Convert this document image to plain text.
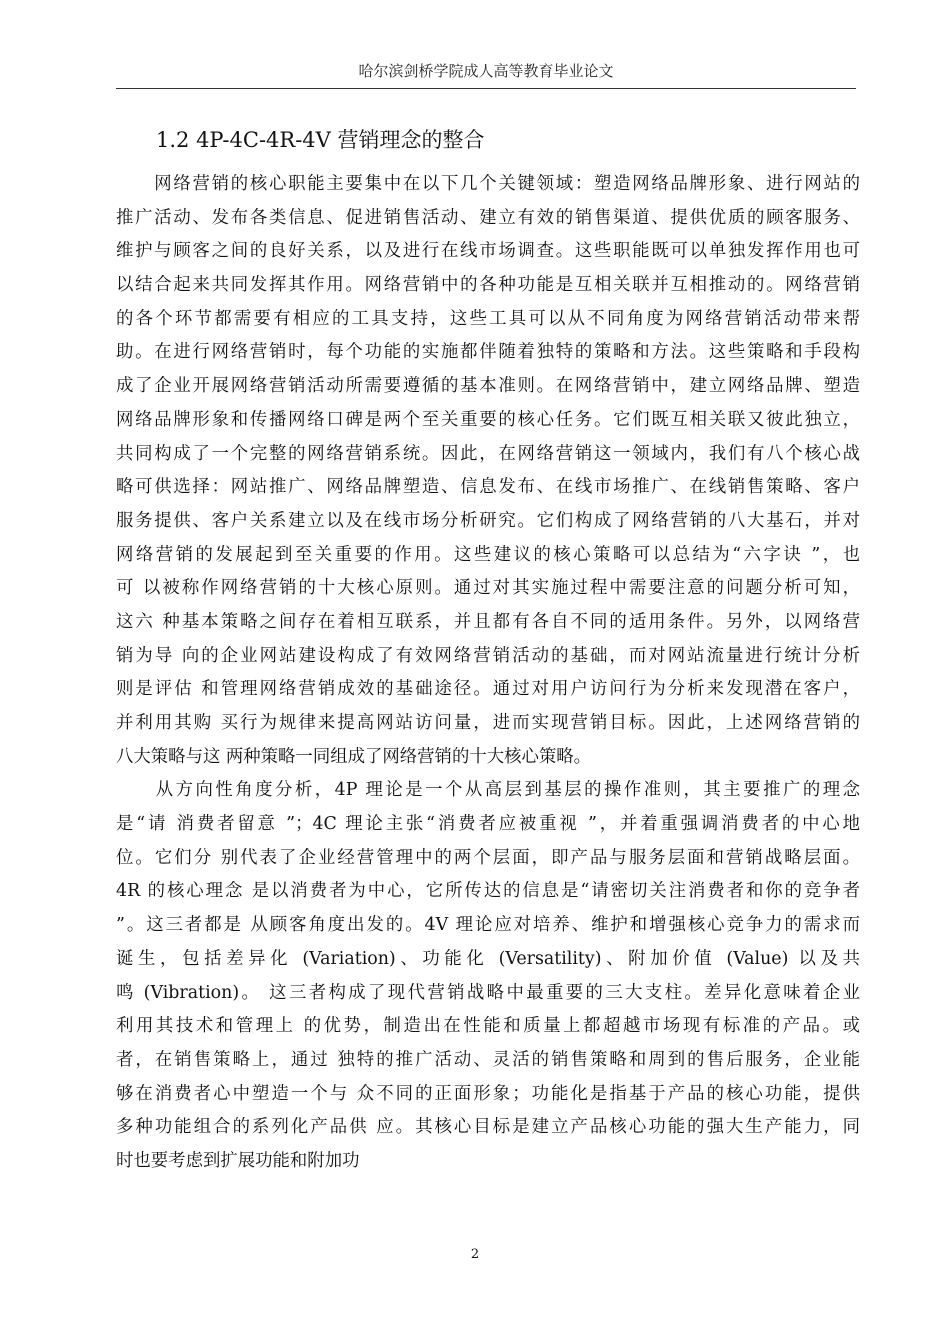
哈尔滨剑桥学院成人高等教育毕业论文
1.2 4P-4C-4R-4V 营销理念的整合
　　网络营销的核心职能主要集中在以下几个关键领域：塑造网络品牌形象、进行网站的
推广活动、发布各类信息、促进销售活动、建立有效的销售渠道、提供优质的顾客服务、
维护与顾客之间的良好关系，以及进行在线市场调查。这些职能既可以单独发挥作用也可
以结合起来共同发挥其作用。网络营销中的各种功能是互相关联并互相推动的。网络营销
的各个环节都需要有相应的工具支持，这些工具可以从不同角度为网络营销活动带来帮
助。在进行网络营销时，每个功能的实施都伴随着独特的策略和方法。这些策略和手段构
成了企业开展网络营销活动所需要遵循的基本准则。在网络营销中，建立网络品牌、塑造
网络品牌形象和传播网络口碑是两个至关重要的核心任务。它们既互相关联又彼此独立，
共同构成了一个完整的网络营销系统。因此，在网络营销这一领域内，我们有八个核心战
略可供选择：网站推广、网络品牌塑造、信息发布、在线市场推广、在线销售策略、客户
服务提供、客户关系建立以及在线市场分析研究。它们构成了网络营销的八大基石，并对
网络营销的发展起到至关重要的作用。这些建议的核心策略可以总结为“六字诀 ”，也
可 以被称作网络营销的十大核心原则。通过对其实施过程中需要注意的问题分析可知，
这六 种基本策略之间存在着相互联系，并且都有各自不同的适用条件。另外，以网络营
销为导 向的企业网站建设构成了有效网络营销活动的基础，而对网站流量进行统计分析
则是评估 和管理网络营销成效的基础途径。通过对用户访问行为分析来发现潜在客户，
并利用其购 买行为规律来提高网站访问量，进而实现营销目标。因此，上述网络营销的
八大策略与这 两种策略一同组成了网络营销的十大核心策略。
　　从方向性角度分析，4P 理论是一个从高层到基层的操作准则，其主要推广的理念
是“请 消费者留意 ”；4C 理论主张“消费者应被重视 ”，并着重强调消费者的中心地
位。它们分 别代表了企业经营管理中的两个层面，即产品与服务层面和营销战略层面。
4R 的核心理念 是以消费者为中心，它所传达的信息是“请密切关注消费者和你的竞争者
”。这三者都是 从顾客角度出发的。4V 理论应对培养、维护和增强核心竞争力的需求而
诞生，包括差异化 (Variation)、功能化 (Versatility)、附加价值 (Value) 以及共
鸣 (Vibration)。 这三者构成了现代营销战略中最重要的三大支柱。差异化意味着企业
利用其技术和管理上 的优势，制造出在性能和质量上都超越市场现有标准的产品。或
者，在销售策略上，通过 独特的推广活动、灵活的销售策略和周到的售后服务，企业能
够在消费者心中塑造一个与 众不同的正面形象；功能化是指基于产品的核心功能，提供
多种功能组合的系列化产品供 应。其核心目标是建立产品核心功能的强大生产能力，同
时也要考虑到扩展功能和附加功
2
